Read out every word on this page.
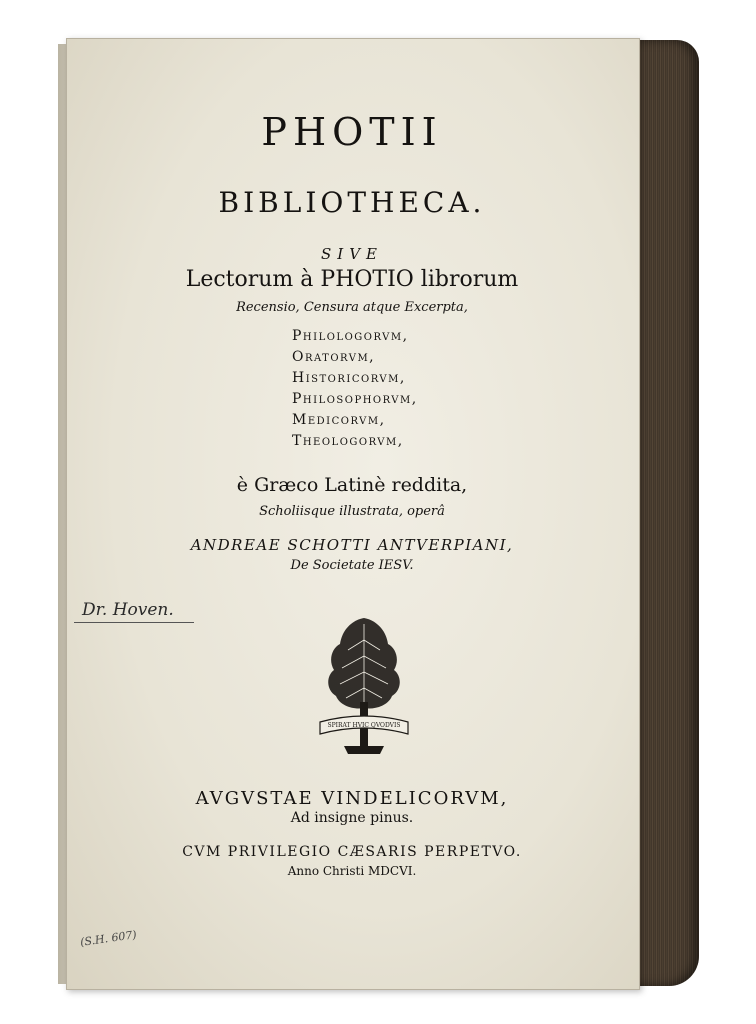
PHOTII
BIBLIOTHECA.
SIVE
Lectorum à PHOTIO librorum
Recensio, Censura atque Excerpta,
Philologorvm,
Oratorvm,
Historicorvm,
Philosophorvm,
Medicorvm,
Theologorvm,
è Græco Latinè reddita,
Scholiisque illustrata, operâ
ANDREAE SCHOTTI ANTVERPIANI,
De Societate IESV.
SPIRAT HVIC QVODVIS
AVGVSTAE VINDELICORVM,
Ad insigne pinus.
CVM PRIVILEGIO CÆSARIS PERPETVO.
Anno Christi MDCVI.
Dr. Hoven.
(S.H. 607)
